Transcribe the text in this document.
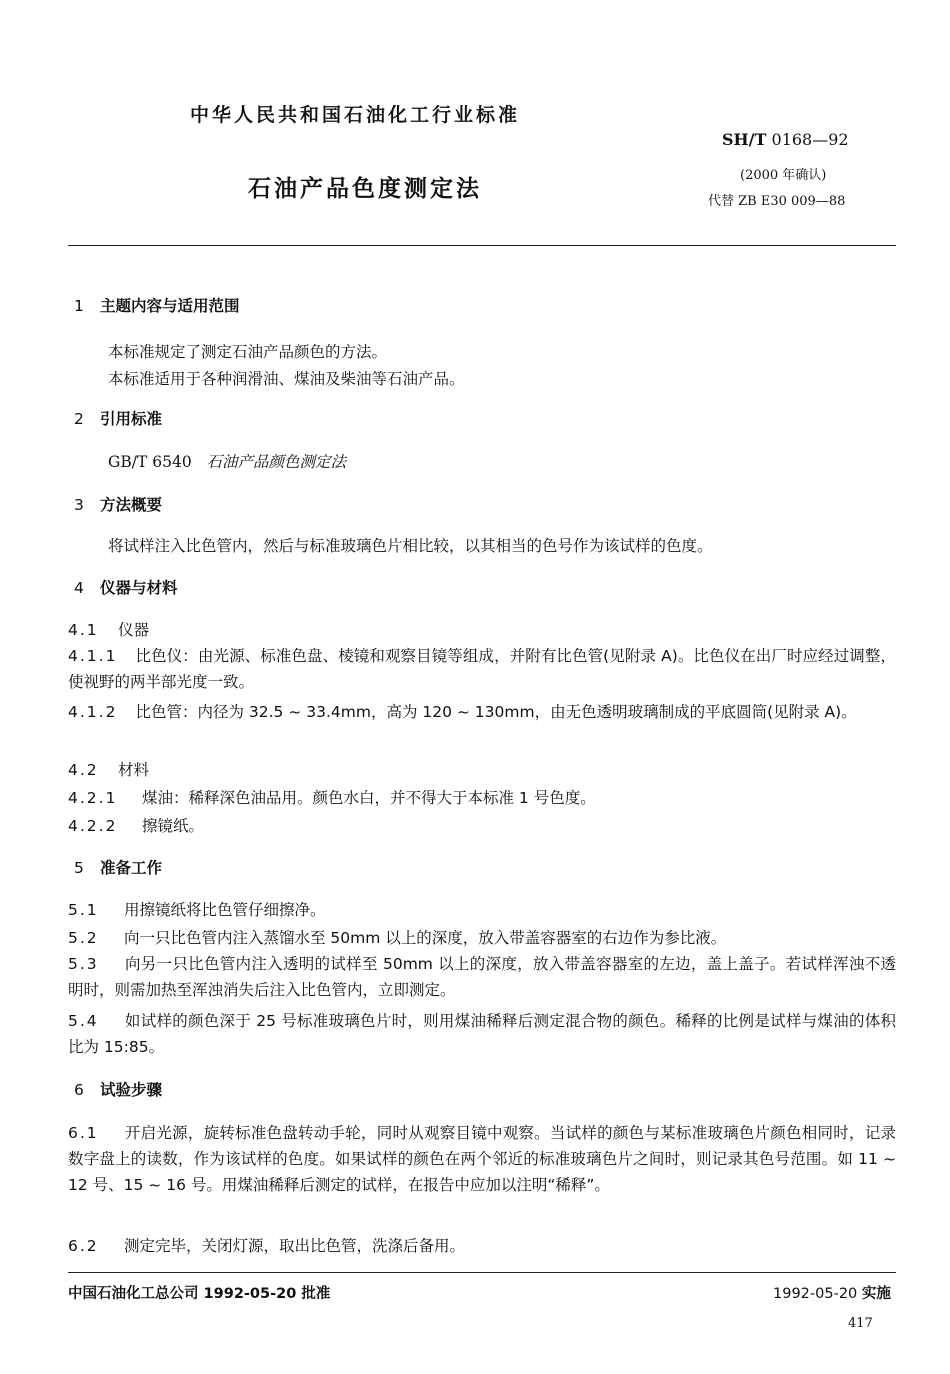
中华人民共和国石油化工行业标准
SH/T 0168—92
石油产品色度测定法
(2000 年确认)
代替 ZB E30 009—88
1 主题内容与适用范围
本标准规定了测定石油产品颜色的方法。
本标准适用于各种润滑油、煤油及柴油等石油产品。
2 引用标准
GB/T 6540 石油产品颜色测定法
3 方法概要
将试样注入比色管内，然后与标准玻璃色片相比较，以其相当的色号作为该试样的色度。
4 仪器与材料
4.1 仪器
4.1.1 比色仪：由光源、标准色盘、棱镜和观察目镜等组成，并附有比色管(见附录 A)。比色仪在出厂时应经过调整，使视野的两半部光度一致。
4.1.2 比色管：内径为 32.5 ~ 33.4mm，高为 120 ~ 130mm，由无色透明玻璃制成的平底圆筒(见附录 A)。
4.2 材料
4.2.1 煤油：稀释深色油品用。颜色水白，并不得大于本标准 1 号色度。
4.2.2 擦镜纸。
5 准备工作
5.1 用擦镜纸将比色管仔细擦净。
5.2 向一只比色管内注入蒸馏水至 50mm 以上的深度，放入带盖容器室的右边作为参比液。
5.3 向另一只比色管内注入透明的试样至 50mm 以上的深度，放入带盖容器室的左边，盖上盖子。若试样浑浊不透明时，则需加热至浑浊消失后注入比色管内，立即测定。
5.4 如试样的颜色深于 25 号标准玻璃色片时，则用煤油稀释后测定混合物的颜色。稀释的比例是试样与煤油的体积比为 15:85。
6 试验步骤
6.1 开启光源，旋转标准色盘转动手轮，同时从观察目镜中观察。当试样的颜色与某标准玻璃色片颜色相同时，记录数字盘上的读数，作为该试样的色度。如果试样的颜色在两个邻近的标准玻璃色片之间时，则记录其色号范围。如 11 ~ 12 号、15 ~ 16 号。用煤油稀释后测定的试样，在报告中应加以注明“稀释”。
6.2 测定完毕，关闭灯源，取出比色管，洗涤后备用。
中国石油化工总公司 1992-05-20 批准	1992-05-20 实施
417
